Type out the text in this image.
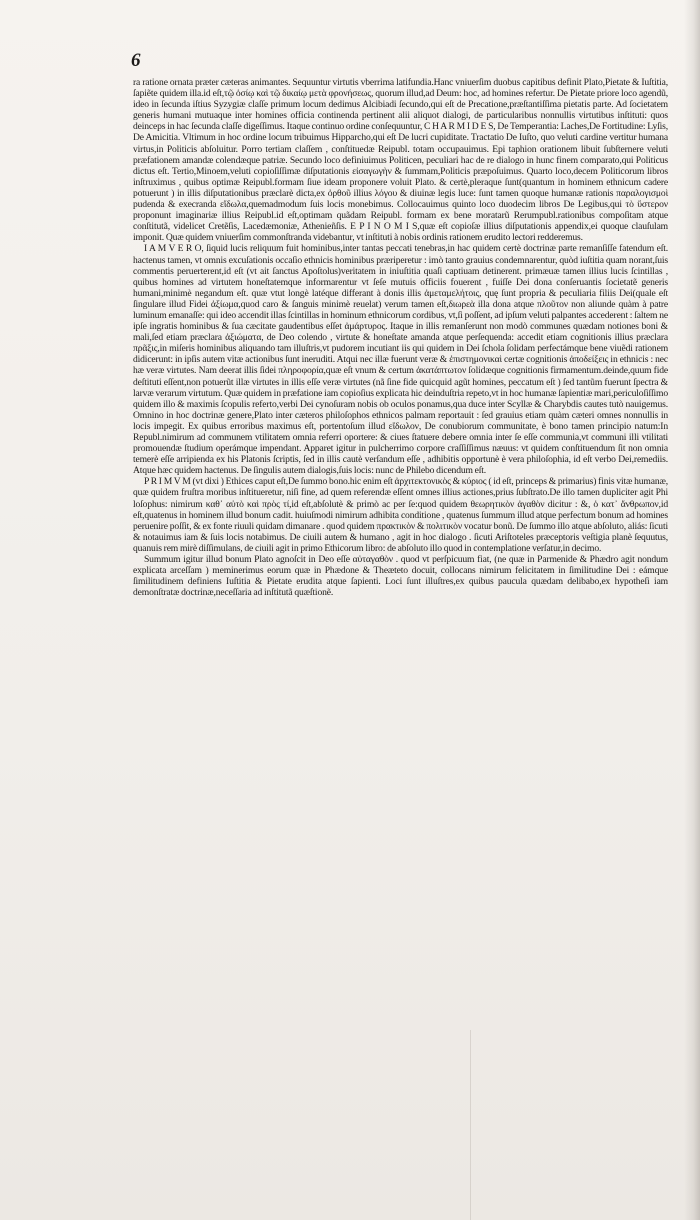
6

ra ratione ornata præter cæteras animantes. Sequuntur virtutis vberrima latifundia.Hanc vniuerſim duobus capitibus definit Plato,Pietate & Iuſtitia, ſapiẽte quidem illa.id eſt,τῷ ὁσίῳ καὶ τῷ δικαίῳ μετὰ φρονήσεως, quorum illud,ad Deum: hoc, ad homines refertur. De Pietate priore loco agendũ, ideo in ſecunda iſtius Syzygiæ claſſe primum locum dedimus Alcibiadi ſecundo,qui eſt de Precatione,præſtantiſſima pietatis parte. Ad ſocietatem generis humani mutuaque inter homines officia continenda pertinent alii aliquot dialogi, de particularibus nonnullis virtutibus inſtituti: quos deinceps in hac ſecunda claſſe digeſſimus. Itaque continuo ordine conſequuntur, C H A R M I D E S, De Temperantia: Laches,De Fortitudine: Lyſis, De Amicitia. Vltimum in hoc ordine locum tribuimus Hipparcho,qui eſt De lucri cupiditate. Tractatio De Iuſto, quo veluti cardine vertitur humana virtus,in Politicis abſoluitur. Porro tertiam claſſem , conſtituedæ Reipubl. totam occupauimus. Epi taphion orationem libuit ſubſternere veluti præfationem amandæ colendæque patriæ. Secundo loco definiuimus Politicen, peculiari hac de re dialogo in hunc finem comparato,qui Politicus dictus eſt. Tertio,Minoem,veluti copioſiſſimæ diſputationis εἰσαγωγὴν & ſummam,Politicis præpoſuimus. Quarto loco,decem Politicorum libros inſtruximus , quibus optimæ Reipubl.formam ſiue ideam proponere voluit Plato. & certè,pleraque ſunt(quantum in hominem ethnicum cadere potuerunt ) in illis diſputationibus præclarè dicta,ex ὀρθοῦ illius λόγου & diuinæ legis luce: ſunt tamen quoque humanæ rationis παραλογισμοὶ pudenda & execranda εἴδωλα,quemadmodum ſuis locis monebimus. Collocauimus quinto loco duodecim libros De Legibus,qui τὸ ὕστερον proponunt imaginariæ illius Reipubl.id eſt,optimam quãdam Reipubl. formam ex bene moratarũ Rerumpubl.rationibus compoſitam atque conſtitutã, videlicet Cretẽſis, Lacedæmoniæ, Athenieñſis. E P I N O M I S,quæ eſt copioſæ illius diſputationis appendix,ei quoque clauſulam imponit. Quæ quidem vniuerſim commonſtranda videbantur, vt inſtituti à nobis ordinis rationem erudito lectori redderemus.

I A M V E R O, ſiquid lucis reliquum fuit hominibus,inter tantas peccati tenebras,in hac quidem certè doctrinæ parte remanſiſſe fatendum eſt. hactenus tamen, vt omnis excuſationis occaſio ethnicis hominibus præriperetur : imò tanto grauius condemnarentur, quòd iuſtitia quam norant,ſuis commentis peruerterent,id eſt (vt ait ſanctus Apoſtolus)veritatem in iniuſtitia quaſi captiuam detinerent. primæuæ tamen illius lucis ſcintillas , quibus homines ad virtutem honeſtatemque informarentur vt ſeſe mutuis officiis fouerent , fuiſſe Dei dona conſeruantis ſocietatẽ generis humani,minimè negandum eſt. quæ vtut longè latéque differant à donis illis ἀμεταμελήτοις, quę ſunt propria & peculiaria filiis Dei(quale eſt ſingulare illud Fidei ἀξίωμα,quod caro & ſanguis minimè reuelat) verum tamen eſt,διωρεὰ illa dona atque πλοῦτον non aliunde quàm à patre luminum emanaſſe: qui ideo accendit illas ſcintillas in hominum ethnicorum cordibus, vt,ſi poſſent, ad ipſum veluti palpantes accederent : ſaltem ne ipſe ingratis hominibus & ſua cæcitate gaudentibus eſſet ἀμάρτυρος. Itaque in illis remanſerunt non modò communes quædam notiones boni & mali,ſed etiam præclara ἀξιώματα, de Deo colendo , virtute & honeſtate amanda atque perſequenda: accedit etiam cognitionis illius præclara πρᾶξις,in miſeris hominibus aliquando tam illuſtris,vt pudorem incutiant iis qui quidem in Dei ſchola ſolidam perfectámque bene viuẽdi rationem didicerunt: in ipſis autem vitæ actionibus ſunt ineruditi. Atqui nec illæ fuerunt veræ & ἐπιστημονικαὶ certæ cognitionis ἀποδείξεις in ethnicis : nec hæ veræ virtutes. Nam deerat illis ſidei πληροφορία,quæ eſt vnum & certum ἀκατάπτωτον ſolidæque cognitionis firmamentum.deinde,quum fide deſtituti eſſent,non potuerũt illæ virtutes in illis eſſe veræ virtutes (nã ſine fide quicquid agũt homines, peccatum eſt ) ſed tantũm fuerunt ſpectra & larvæ verarum virtutum. Quæ quidem in præfatione iam copioſius explicata hic deinduſtria repeto,vt in hoc humanæ ſapientiæ mari,periculoſiſſimo quidem illo & maximis ſcopulis referto,verbi Dei cynoſuram nobis ob oculos ponamus,qua duce inter Scyllæ & Charybdis cautes tutò nauigemus. Omnino in hoc doctrinæ genere,Plato inter cæteros philoſophos ethnicos palmam reportauit : ſed grauius etiam quàm cæteri omnes nonnullis in locis impegit. Ex quibus erroribus maximus eſt, portentoſum illud εἴδωλον, De conubiorum communitate, è bono tamen principio natum:In Republ.nimirum ad communem vtilitatem omnia referri oportere: & ciues ſtatuere debere omnia inter ſe eſſe communia,vt communi illi vtilitati promouendæ ſtudium operámque impendant. Apparet igitur in pulcherrimo corpore craſſiſſimus næuus: vt quidem conſtituendum ſit non omnia temerè eſſe arripienda ex his Platonis ſcriptis, ſed in illis cautè verſandum eſſe , adhibitis opportunè è vera philoſophia, id eſt verbo Dei,remediis. Atque hæc quidem hactenus. De ſingulis autem dialogis,ſuis locis: nunc de Philebo dicendum eſt.

P R I M V M (vt dixi ) Ethices caput eſt,De ſummo bono.hic enim eſt ἀρχιτεκτονικὸς & κύριος ( id eſt, princeps & primarius) finis vitæ humanæ, quæ quidem fruſtra moribus inſtitueretur, niſi fine, ad quem referendæ eſſent omnes illius actiones,prius ſubſtrato.De illo tamen dupliciter agit Phi loſophus: nimirum καθ᾽ αὑτὸ καὶ πρὸς τί,id eſt,abſolutè & primò ac per ſe:quod quidem θεωρητικὸν ἀγαθὸν dicitur : &, ὁ κατ᾽ ἄνθρωπον,id eſt,quatenus in hominem illud bonum cadit. huiuſmodi nimirum adhibita conditione , quatenus ſummum illud atque perfectum bonum ad homines peruenire poſſit, & ex fonte riuuli quidam dimanare . quod quidem πρακτικὸν & πολιτικὸν vocatur bonũ. De ſummo illo atque abſoluto, aliás: ſicuti & notauimus iam & ſuis locis notabimus. De ciuili autem & humano , agit in hoc dialogo . ſicuti Ariſtoteles præceptoris veſtigia planè ſequutus, quanuis rem mirè diſſimulans, de ciuili agit in primo Ethicorum libro: de abſoluto illo quod in contemplatione verſatur,in decimo.

Summum igitur illud bonum Plato agnoſcit in Deo eſſe αὐταγαθὸν . quod vt perſpicuum fiat, (ne quæ in Parmenide & Phædro agit nondum explicata arceſſam ) meminerimus eorum quæ in Phædone & Theæteto docuit, collocans nimirum felicitatem in ſimilitudine Dei : eámque ſimilitudinem definiens Iuſtitia & Pietate erudita atque ſapienti. Loci ſunt illuſtres,ex quibus paucula quædam delibabo,ex hypotheſi iam demonſtratæ doctrinæ,neceſſaria ad inſtitutã quæſtionẽ.
